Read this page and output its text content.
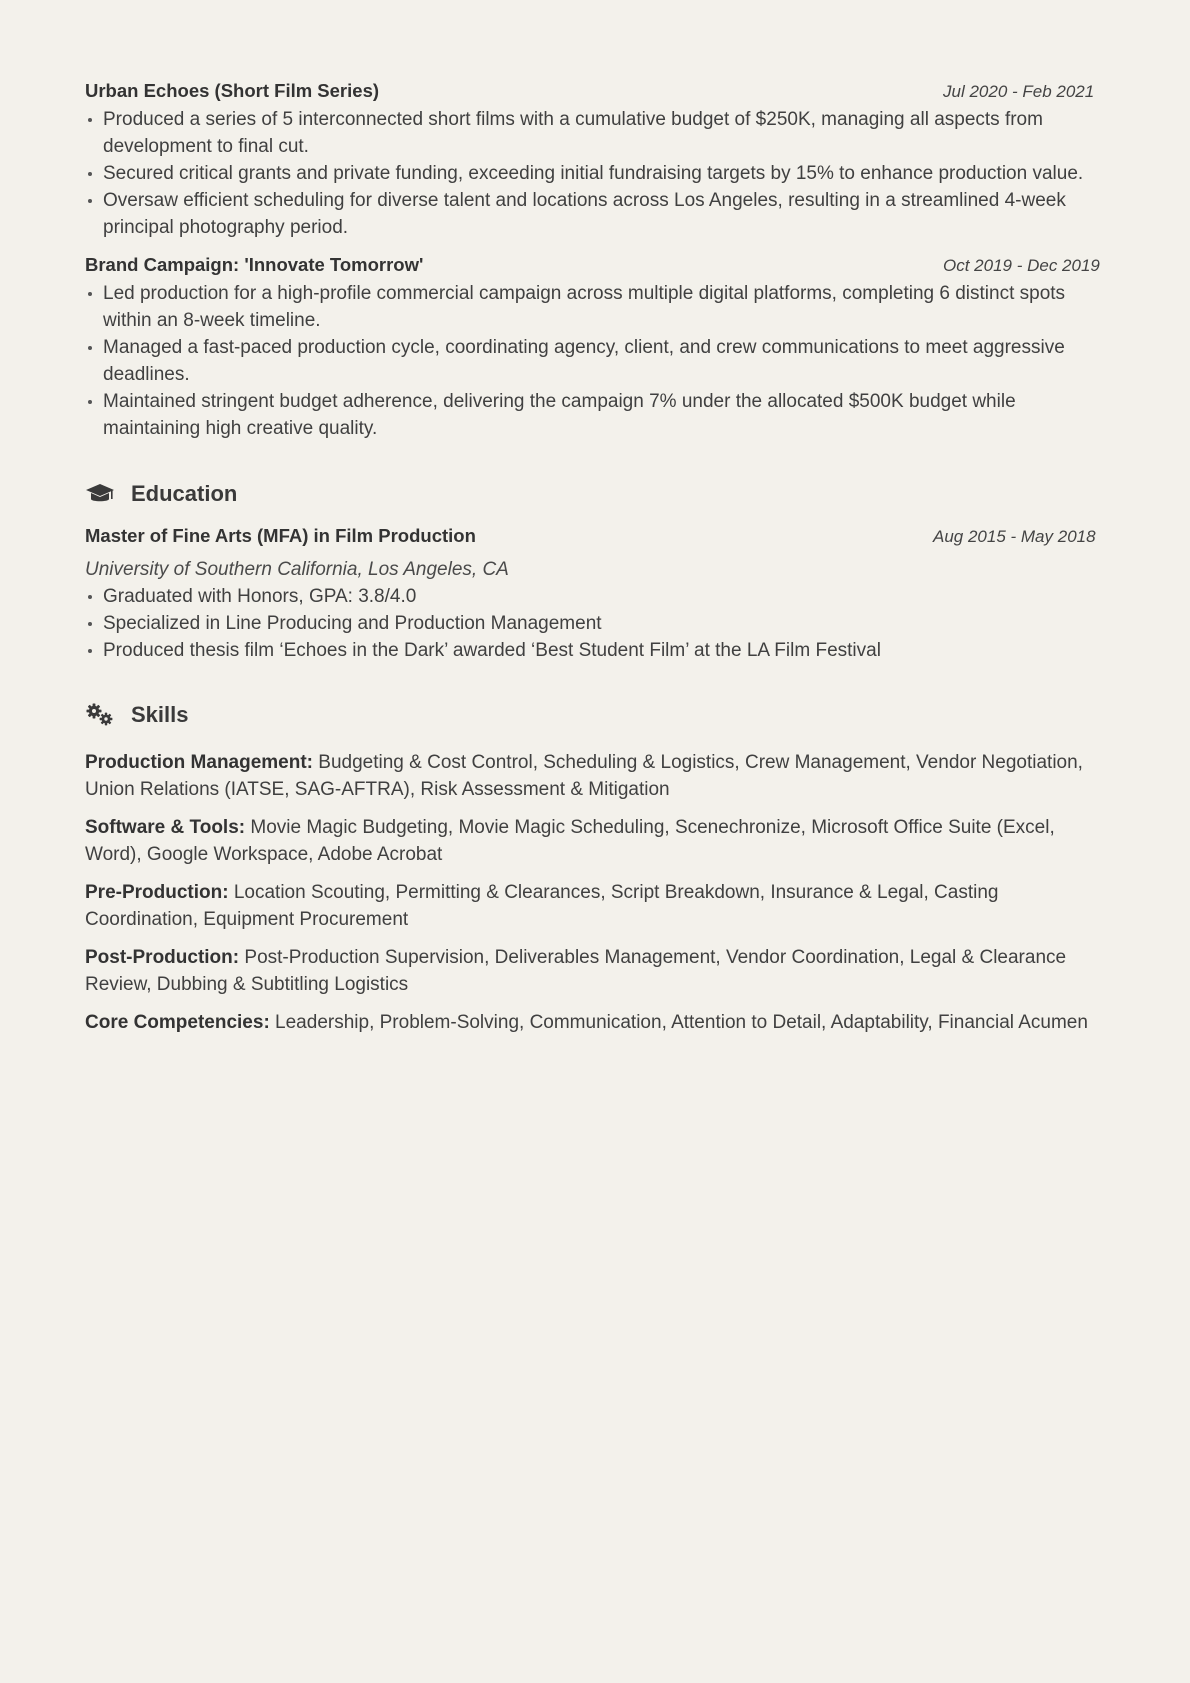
Urban Echoes (Short Film Series)	Jul 2020 - Feb 2021
Produced a series of 5 interconnected short films with a cumulative budget of $250K, managing all aspects from development to final cut.
Secured critical grants and private funding, exceeding initial fundraising targets by 15% to enhance production value.
Oversaw efficient scheduling for diverse talent and locations across Los Angeles, resulting in a streamlined 4-week principal photography period.
Brand Campaign: 'Innovate Tomorrow'	Oct 2019 - Dec 2019
Led production for a high-profile commercial campaign across multiple digital platforms, completing 6 distinct spots within an 8-week timeline.
Managed a fast-paced production cycle, coordinating agency, client, and crew communications to meet aggressive deadlines.
Maintained stringent budget adherence, delivering the campaign 7% under the allocated $500K budget while maintaining high creative quality.
Education
Master of Fine Arts (MFA) in Film Production	Aug 2015 - May 2018
University of Southern California, Los Angeles, CA
Graduated with Honors, GPA: 3.8/4.0
Specialized in Line Producing and Production Management
Produced thesis film ‘Echoes in the Dark’ awarded ‘Best Student Film’ at the LA Film Festival
Skills
Production Management: Budgeting & Cost Control, Scheduling & Logistics, Crew Management, Vendor Negotiation, Union Relations (IATSE, SAG-AFTRA), Risk Assessment & Mitigation
Software & Tools: Movie Magic Budgeting, Movie Magic Scheduling, Scenechronize, Microsoft Office Suite (Excel, Word), Google Workspace, Adobe Acrobat
Pre-Production: Location Scouting, Permitting & Clearances, Script Breakdown, Insurance & Legal, Casting Coordination, Equipment Procurement
Post-Production: Post-Production Supervision, Deliverables Management, Vendor Coordination, Legal & Clearance Review, Dubbing & Subtitling Logistics
Core Competencies: Leadership, Problem-Solving, Communication, Attention to Detail, Adaptability, Financial Acumen
